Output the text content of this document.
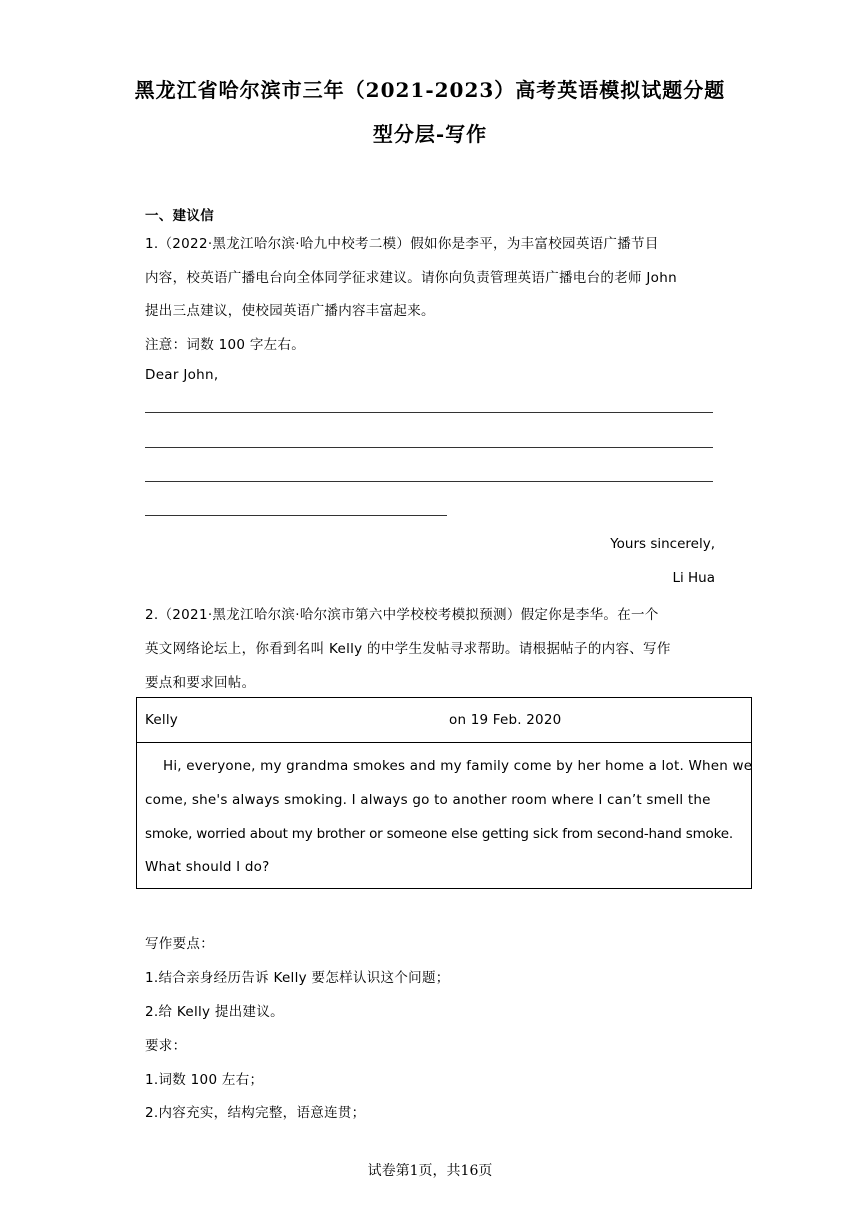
黑龙江省哈尔滨市三年（2021-2023）高考英语模拟试题分题
型分层-写作
一、建议信
1.（2022·黑龙江哈尔滨·哈九中校考二模）假如你是李平，为丰富校园英语广播节目
内容，校英语广播电台向全体同学征求建议。请你向负责管理英语广播电台的老师 John
提出三点建议，使校园英语广播内容丰富起来。
注意：词数 100 字左右。
Dear John,
Yours sincerely,
Li Hua
2.（2021·黑龙江哈尔滨·哈尔滨市第六中学校校考模拟预测）假定你是李华。在一个
英文网络论坛上，你看到名叫 Kelly 的中学生发帖寻求帮助。请根据帖子的内容、写作
要点和要求回帖。
Kelly	on 19 Feb. 2020
Hi, everyone, my grandma smokes and my family come by her home a lot. When we
come, she's always smoking. I always go to another room where I can’t smell the
smoke, worried about my brother or someone else getting sick from second-hand smoke.
What should I do?
写作要点：
1.结合亲身经历告诉 Kelly 要怎样认识这个问题；
2.给 Kelly 提出建议。
要求：
1.词数 100 左右；
2.内容充实，结构完整，语意连贯；
试卷第1页，共16页
